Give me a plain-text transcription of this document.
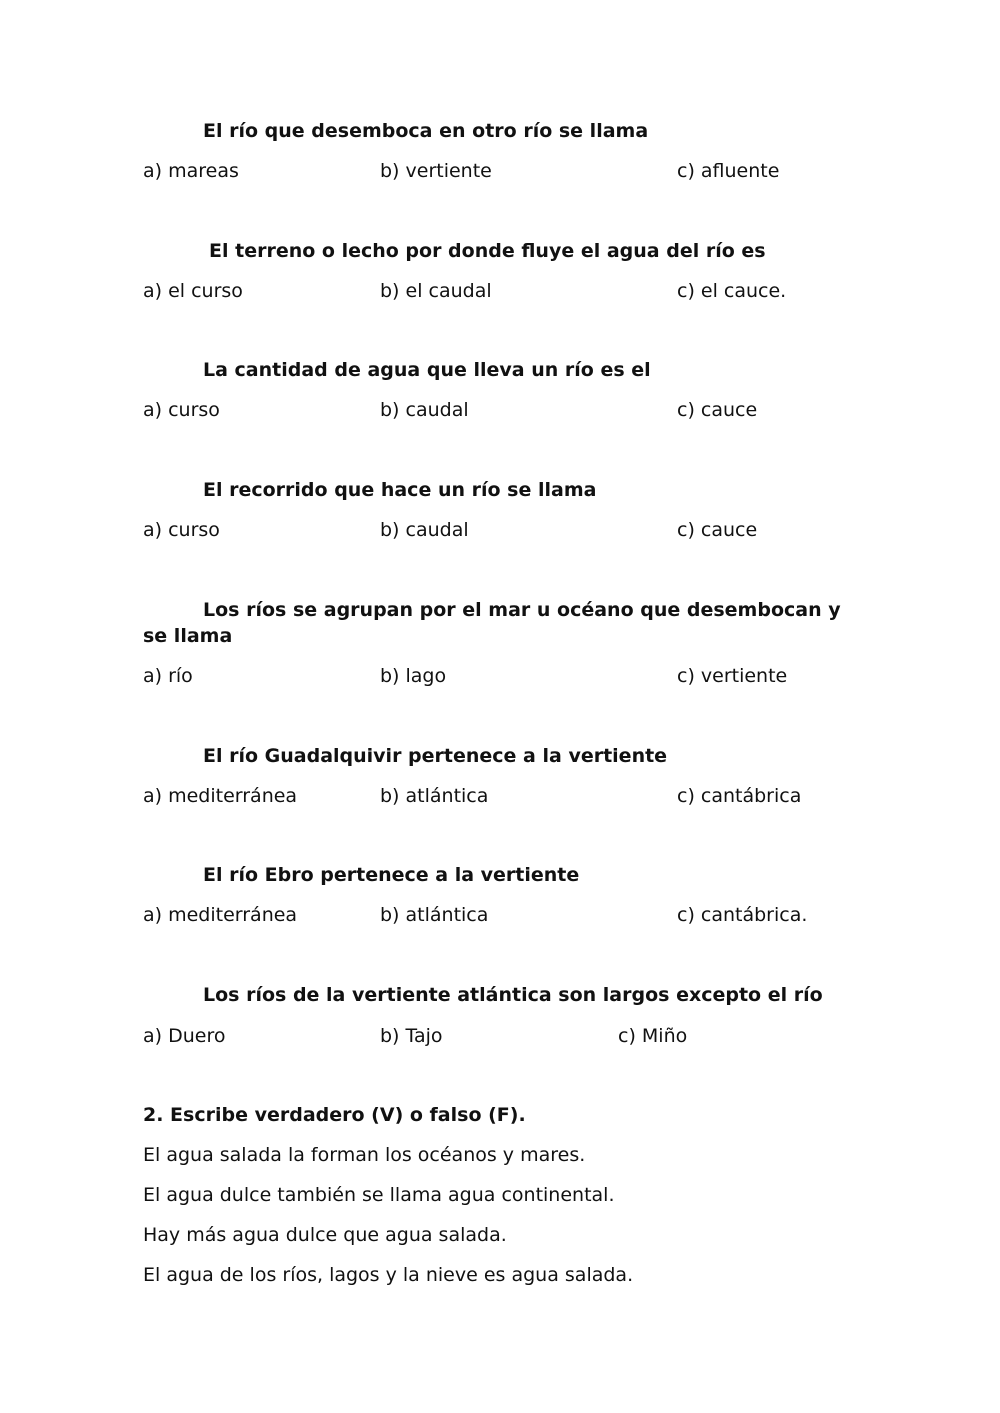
El río que desemboca en otro río se llama
a) mareas	b) vertiente	c) afluente
El terreno o lecho por donde fluye el agua del río es
a) el curso	b) el caudal	c) el cauce.
La cantidad de agua que lleva un río es el
a) curso	b) caudal	c) cauce
El recorrido que hace un río se llama
a) curso	b) caudal	c) cauce
Los ríos se agrupan por el mar u océano que desembocan y se llama
a) río	b) lago	c) vertiente
El río Guadalquivir pertenece a la vertiente
a) mediterránea	b) atlántica	c) cantábrica
El río Ebro pertenece a la vertiente
a) mediterránea	b) atlántica	c) cantábrica.
Los ríos de la vertiente atlántica son largos excepto el río
a) Duero	b) Tajo	c) Miño
2. Escribe verdadero (V) o falso (F).
El agua salada la forman los océanos y mares.
El agua dulce también se llama agua continental.
Hay más agua dulce que agua salada.
El agua de los ríos, lagos y la nieve es agua salada.
